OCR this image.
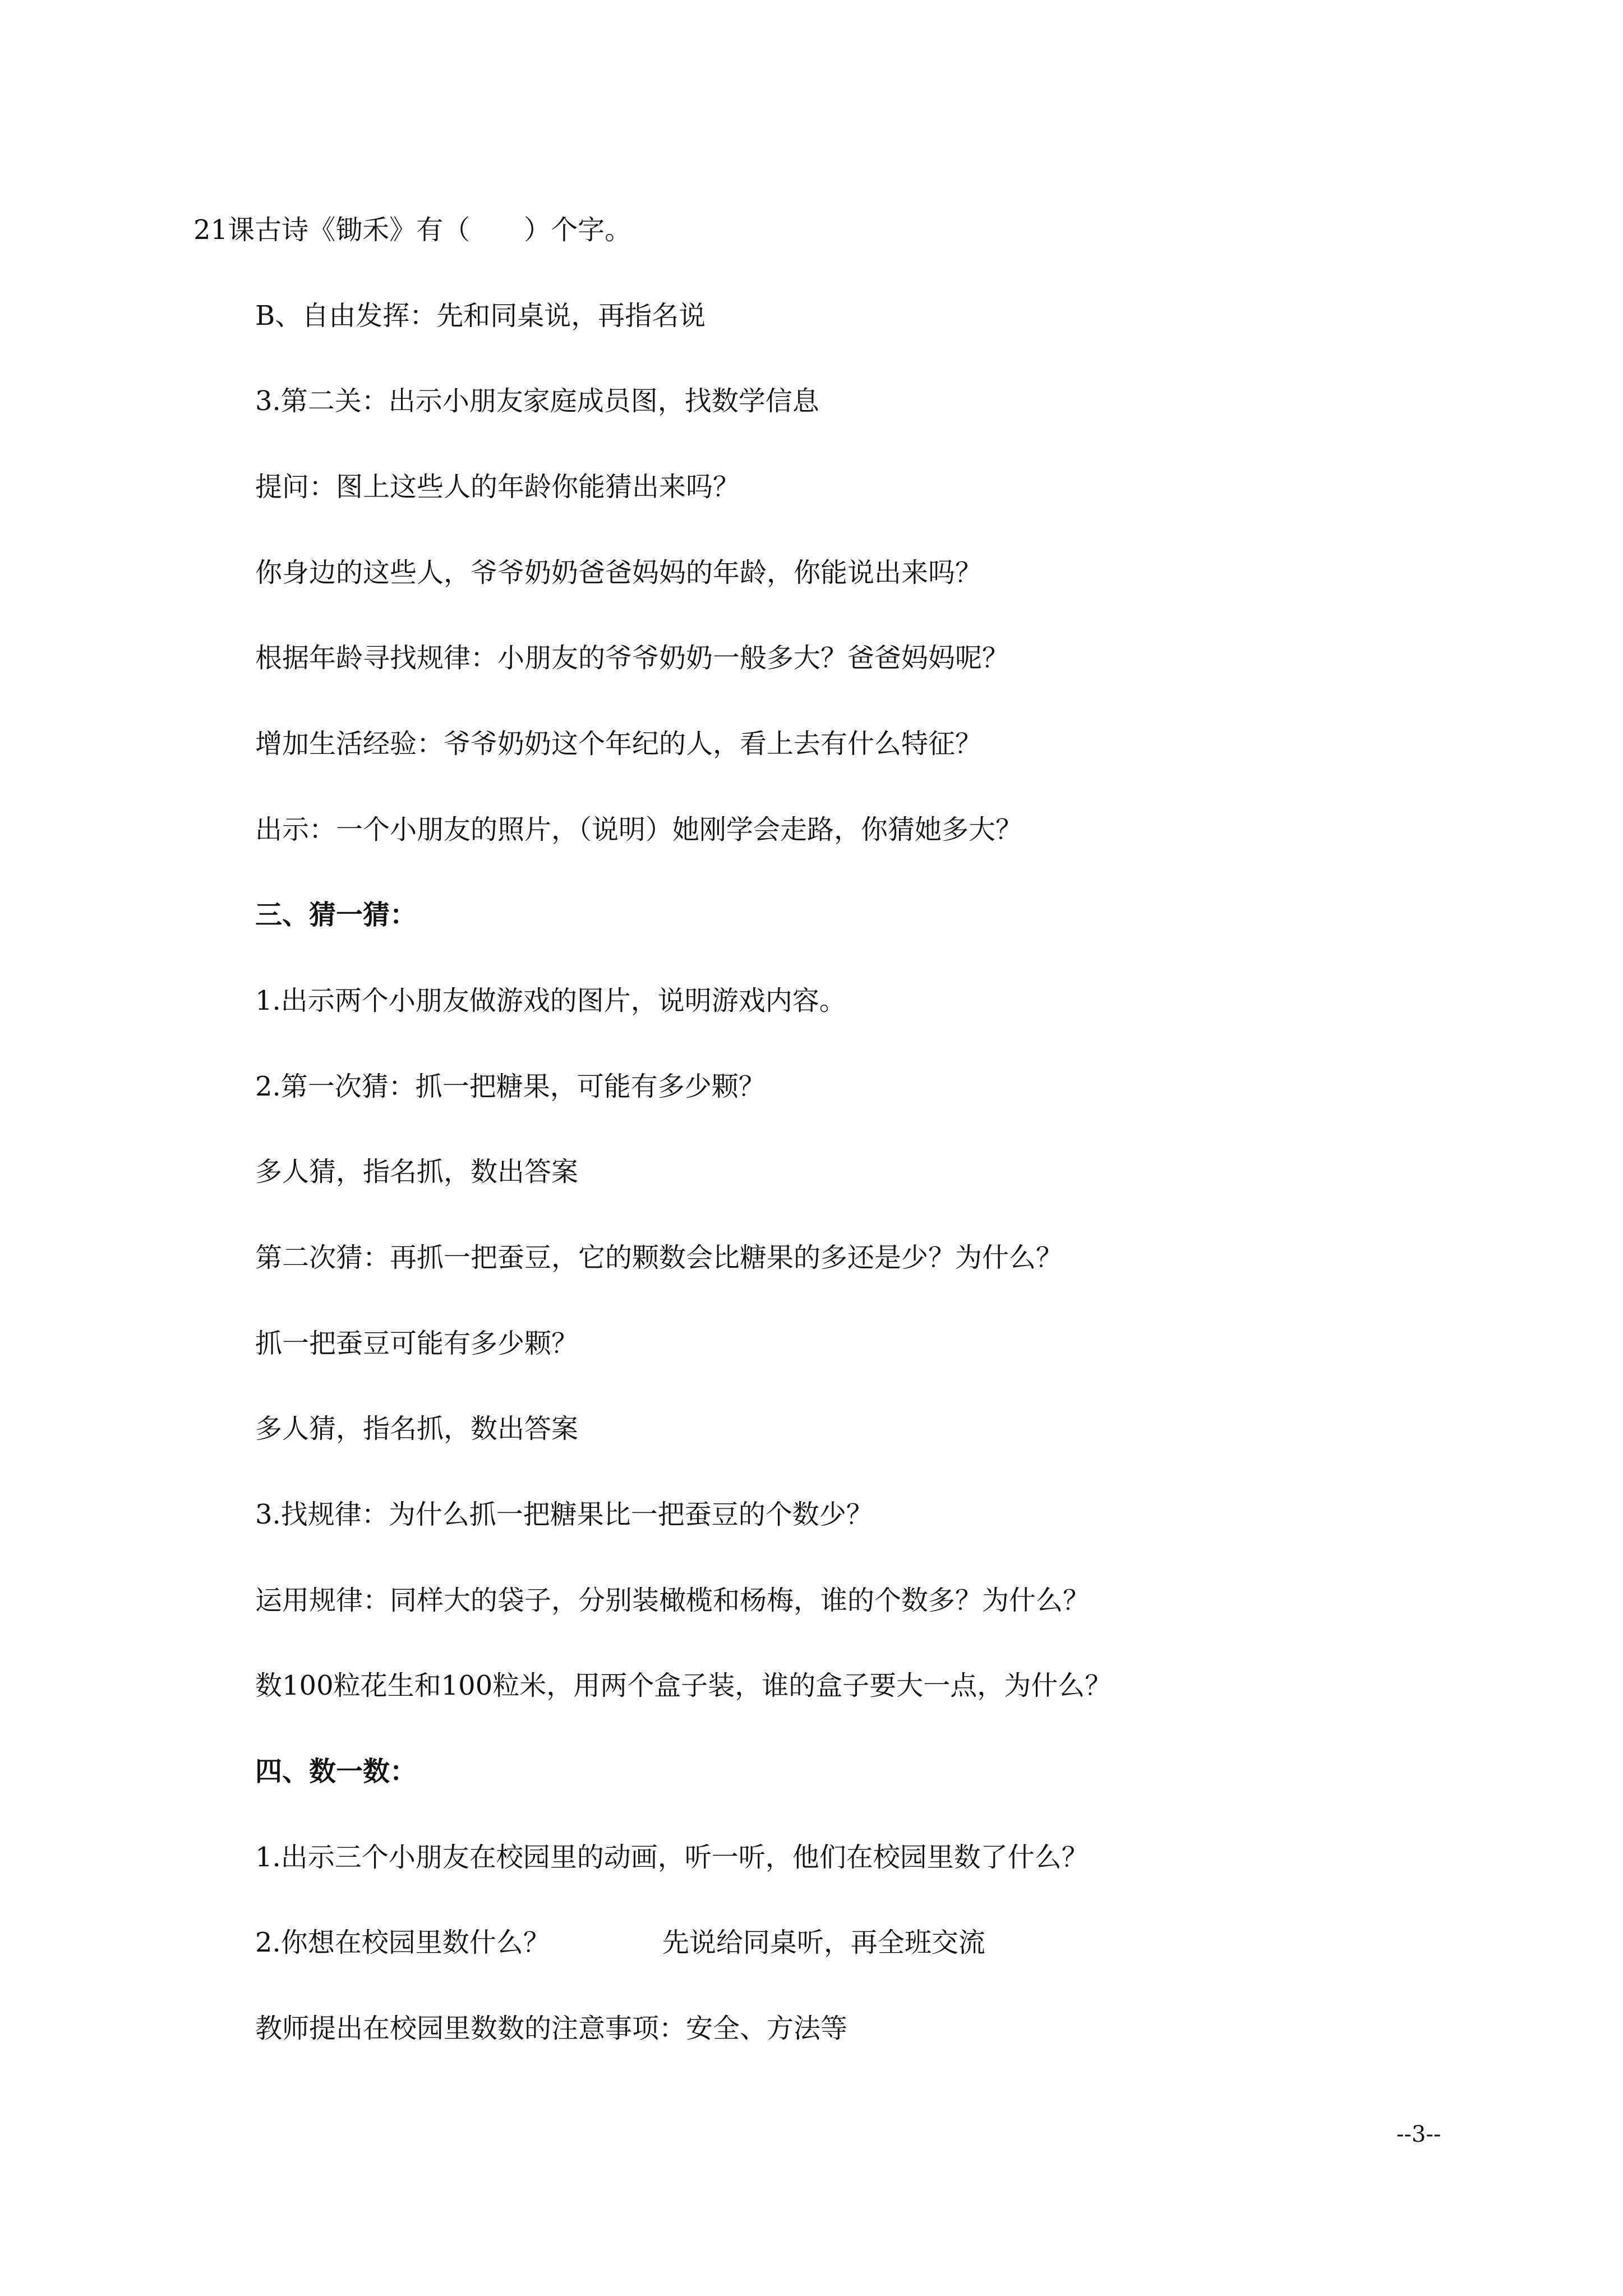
21课古诗《锄禾》有（　　）个字。
B、自由发挥：先和同桌说，再指名说
3.第二关：出示小朋友家庭成员图，找数学信息
提问：图上这些人的年龄你能猜出来吗？
你身边的这些人，爷爷奶奶爸爸妈妈的年龄，你能说出来吗？
根据年龄寻找规律：小朋友的爷爷奶奶一般多大？爸爸妈妈呢？
增加生活经验：爷爷奶奶这个年纪的人，看上去有什么特征？
出示：一个小朋友的照片，（说明）她刚学会走路，你猜她多大？
三、猜一猜：
1.出示两个小朋友做游戏的图片，说明游戏内容。
2.第一次猜：抓一把糖果，可能有多少颗？
多人猜，指名抓，数出答案
第二次猜：再抓一把蚕豆，它的颗数会比糖果的多还是少？为什么？
抓一把蚕豆可能有多少颗？
多人猜，指名抓，数出答案
3.找规律：为什么抓一把糖果比一把蚕豆的个数少？
运用规律：同样大的袋子，分别装橄榄和杨梅，谁的个数多？为什么？
数100粒花生和100粒米，用两个盒子装，谁的盒子要大一点，为什么？
四、数一数：
1.出示三个小朋友在校园里的动画，听一听，他们在校园里数了什么？
2.你想在校园里数什么？	先说给同桌听，再全班交流
教师提出在校园里数数的注意事项：安全、方法等
--3--
